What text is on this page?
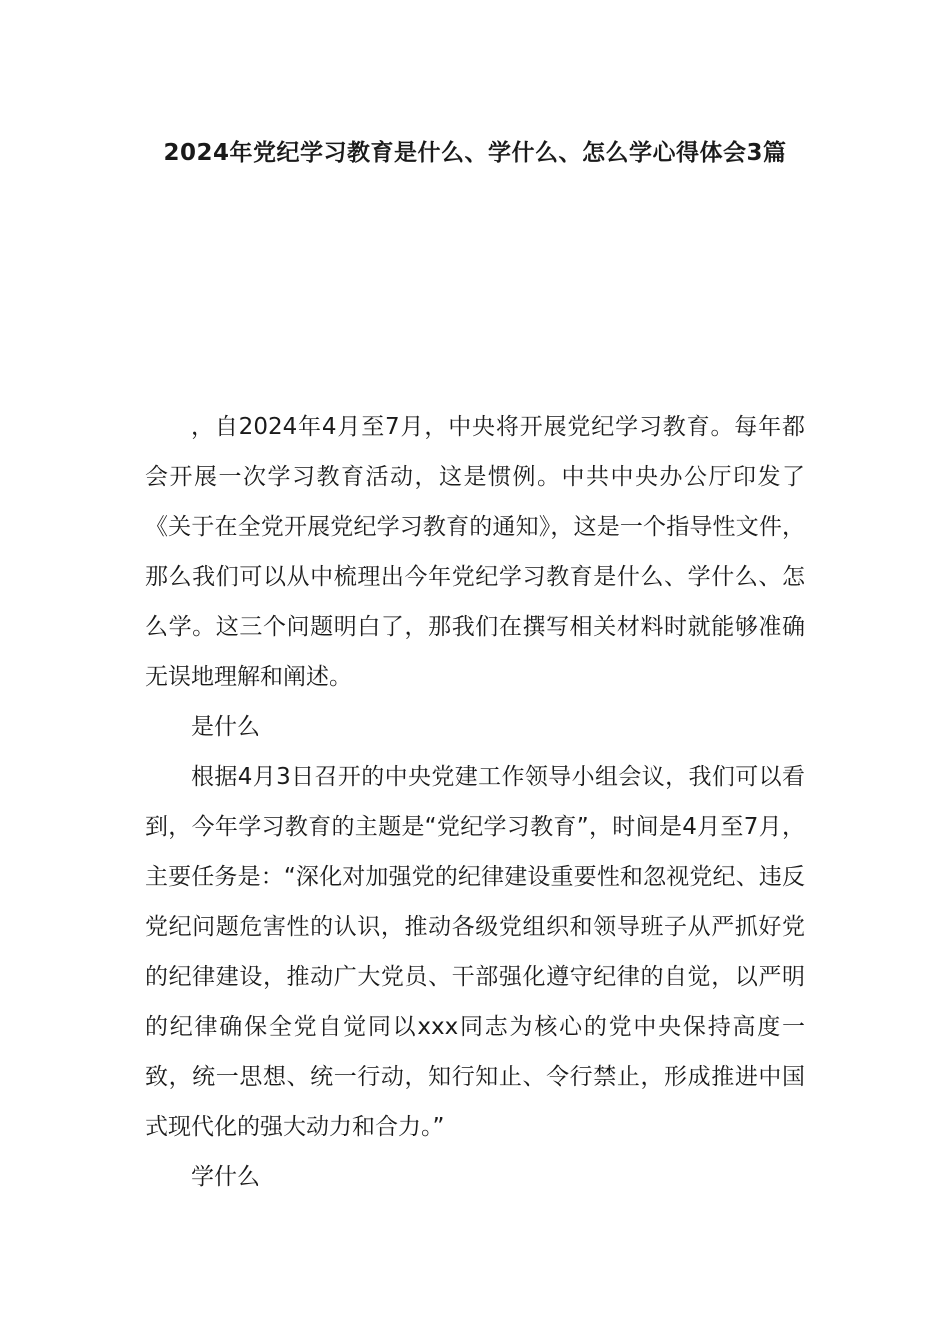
2024年党纪学习教育是什么、学什么、怎么学心得体会3篇

，自2024年4月至7月，中央将开展党纪学习教育。每年都会开展一次学习教育活动，这是惯例。中共中央办公厅印发了《关于在全党开展党纪学习教育的通知》，这是一个指导性文件，那么我们可以从中梳理出今年党纪学习教育是什么、学什么、怎么学。这三个问题明白了，那我们在撰写相关材料时就能够准确无误地理解和阐述。

是什么

根据4月3日召开的中央党建工作领导小组会议，我们可以看到，今年学习教育的主题是“党纪学习教育”，时间是4月至7月，主要任务是：“深化对加强党的纪律建设重要性和忽视党纪、违反党纪问题危害性的认识，推动各级党组织和领导班子从严抓好党的纪律建设，推动广大党员、干部强化遵守纪律的自觉，以严明的纪律确保全党自觉同以xxx同志为核心的党中央保持高度一致，统一思想、统一行动，知行知止、令行禁止，形成推进中国式现代化的强大动力和合力。”

学什么
